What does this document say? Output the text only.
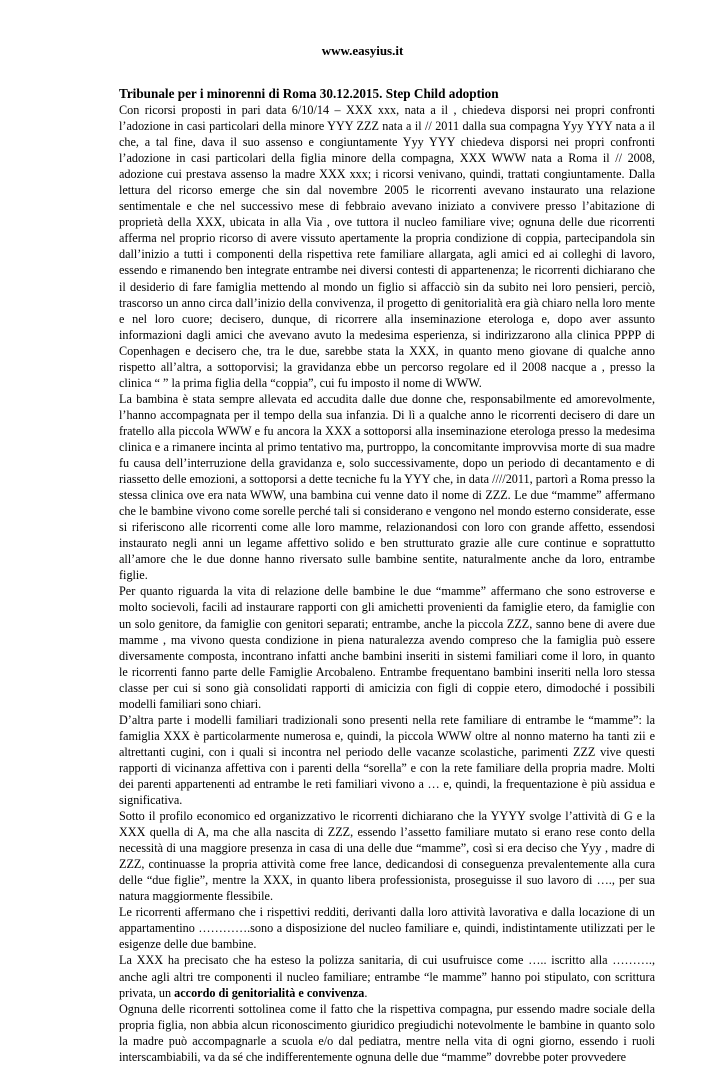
www.easyius.it

Tribunale per i minorenni di Roma 30.12.2015. Step Child adoption

Con ricorsi proposti in pari data 6/10/14 – XXX xxx, nata a il , chiedeva disporsi nei propri confronti l’adozione in casi particolari della minore YYY ZZZ nata a il // 2011 dalla sua compagna Yyy YYY nata a il che, a tal fine, dava il suo assenso e congiuntamente Yyy YYY chiedeva disporsi nei propri confronti l’adozione in casi particolari della figlia minore della compagna, XXX WWW nata a Roma il // 2008, adozione cui prestava assenso la madre XXX xxx; i ricorsi venivano, quindi, trattati congiuntamente. Dalla lettura del ricorso emerge che sin dal novembre 2005 le ricorrenti avevano instaurato una relazione sentimentale e che nel successivo mese di febbraio avevano iniziato a convivere presso l’abitazione di proprietà della XXX, ubicata in alla Via , ove tuttora il nucleo familiare vive; ognuna delle due ricorrenti afferma nel proprio ricorso di avere vissuto apertamente la propria condizione di coppia, partecipandola sin dall’inizio a tutti i componenti della rispettiva rete familiare allargata, agli amici ed ai colleghi di lavoro, essendo e rimanendo ben integrate entrambe nei diversi contesti di appartenenza; le ricorrenti dichiarano che il desiderio di fare famiglia mettendo al mondo un figlio si affacciò sin da subito nei loro pensieri, perciò, trascorso un anno circa dall’inizio della convivenza, il progetto di genitorialità era già chiaro nella loro mente e nel loro cuore; decisero, dunque, di ricorrere alla inseminazione eterologa e, dopo aver assunto informazioni dagli amici che avevano avuto la medesima esperienza, si indirizzarono alla clinica PPPP di Copenhagen e decisero che, tra le due, sarebbe stata la XXX, in quanto meno giovane di qualche anno rispetto all’altra, a sottoporvisi; la gravidanza ebbe un percorso regolare ed il 2008 nacque a , presso la clinica “ ” la prima figlia della “coppia”, cui fu imposto il nome di WWW.

La bambina è stata sempre allevata ed accudita dalle due donne che, responsabilmente ed amorevolmente, l’hanno accompagnata per il tempo della sua infanzia. Di lì a qualche anno le ricorrenti decisero di dare un fratello alla piccola WWW e fu ancora la XXX a sottoporsi alla inseminazione eterologa presso la medesima clinica e a rimanere incinta al primo tentativo ma, purtroppo, la concomitante improvvisa morte di sua madre fu causa dell’interruzione della gravidanza e, solo successivamente, dopo un periodo di decantamento e di riassetto delle emozioni, a sottoporsi a dette tecniche fu la YYY che, in data ////2011, partorì a Roma presso la stessa clinica ove era nata WWW, una bambina cui venne dato il nome di ZZZ. Le due “mamme” affermano che le bambine vivono come sorelle perché tali si considerano e vengono nel mondo esterno considerate, esse si riferiscono alle ricorrenti come alle loro mamme, relazionandosi con loro con grande affetto, essendosi instaurato negli anni un legame affettivo solido e ben strutturato grazie alle cure continue e soprattutto all’amore che le due donne hanno riversato sulle bambine sentite, naturalmente anche da loro, entrambe figlie.

Per quanto riguarda la vita di relazione delle bambine le due “mamme” affermano che sono estroverse e molto socievoli, facili ad instaurare rapporti con gli amichetti provenienti da famiglie etero, da famiglie con un solo genitore, da famiglie con genitori separati; entrambe, anche la piccola ZZZ, sanno bene di avere due mamme , ma vivono questa condizione in piena naturalezza avendo compreso che la famiglia può essere diversamente composta, incontrano infatti anche bambini inseriti in sistemi familiari come il loro, in quanto le ricorrenti fanno parte delle Famiglie Arcobaleno. Entrambe frequentano bambini inseriti nella loro stessa classe per cui si sono già consolidati rapporti di amicizia con figli di coppie etero, dimodoché i possibili modelli familiari sono chiari.

D’altra parte i modelli familiari tradizionali sono presenti nella rete familiare di entrambe le “mamme”: la famiglia XXX è particolarmente numerosa e, quindi, la piccola WWW oltre al nonno materno ha tanti zii e altrettanti cugini, con i quali si incontra nel periodo delle vacanze scolastiche, parimenti ZZZ vive questi rapporti di vicinanza affettiva con i parenti della “sorella” e con la rete familiare della propria madre. Molti dei parenti appartenenti ad entrambe le reti familiari vivono a … e, quindi, la frequentazione è più assidua e significativa.

Sotto il profilo economico ed organizzativo le ricorrenti dichiarano che la YYYY svolge l’attività di G e la XXX quella di A, ma che alla nascita di ZZZ, essendo l’assetto familiare mutato si erano rese conto della necessità di una maggiore presenza in casa di una delle due “mamme”, così si era deciso che Yyy , madre di ZZZ, continuasse la propria attività come free lance, dedicandosi di conseguenza prevalentemente alla cura delle “due figlie”, mentre la XXX, in quanto libera professionista, proseguisse il suo lavoro di …., per sua natura maggiormente flessibile.

Le ricorrenti affermano che i rispettivi redditi, derivanti dalla loro attività lavorativa e dalla locazione di un appartamentino ………….sono a disposizione del nucleo familiare e, quindi, indistintamente utilizzati per le esigenze delle due bambine.

La XXX ha precisato che ha esteso la polizza sanitaria, di cui usufruisce come ….. iscritto alla ………., anche agli altri tre componenti il nucleo familiare; entrambe “le mamme” hanno poi stipulato, con scrittura privata, un accordo di genitorialità e convivenza.

Ognuna delle ricorrenti sottolinea come il fatto che la rispettiva compagna, pur essendo madre sociale della propria figlia, non abbia alcun riconoscimento giuridico pregiudichi notevolmente le bambine in quanto solo la madre può accompagnarle a scuola e/o dal pediatra, mentre nella vita di ogni giorno, essendo i ruoli interscambiabili, va da sé che indifferentemente ognuna delle due “mamme” dovrebbe poter provvedere
